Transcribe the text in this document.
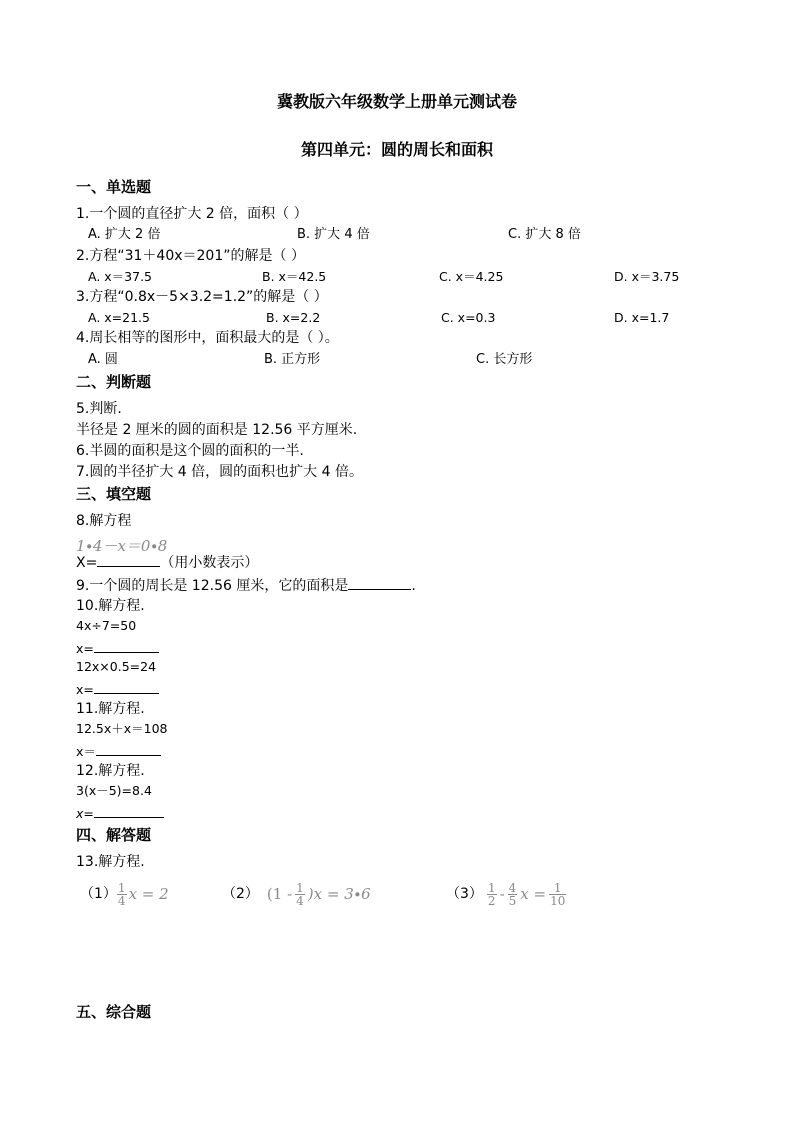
冀教版六年级数学上册单元测试卷
第四单元：圆的周长和面积
一、单选题
1.一个圆的直径扩大 2 倍，面积（ ）
A. 扩大 2 倍	B. 扩大 4 倍	C. 扩大 8 倍
2.方程“31＋40x＝201”的解是（ ）
A. x＝37.5	B. x＝42.5	C. x＝4.25	D. x＝3.75
3.方程“0.8x－5×3.2=1.2”的解是（ ）
A. x=21.5	B. x=2.2	C. x=0.3	D. x=1.7
4.周长相等的图形中，面积最大的是（ ）。
A. 圆	B. 正方形	C. 长方形
二、判断题
5.判断.
半径是 2 厘米的圆的面积是 12.56 平方厘米.
6.半圆的面积是这个圆的面积的一半.
7.圆的半径扩大 4 倍，圆的面积也扩大 4 倍。
三、填空题
8.解方程
1∙4－x＝0∙8
X=	（用小数表示）
9.一个圆的周长是 12.56 厘米，它的面积是	.
10.解方程.
4x÷7=50
x=
12x×0.5=24
x=
11.解方程.
12.5x＋x＝108
x＝
12.解方程.
3(x－5)=8.4
x=
四、解答题
13.解方程.
$(1) \frac{1}{4}$ x = 2	（2） $(1 - \frac{1}{4} )x = 3\cdot 6$	$(3) \frac{1}{2} - \frac{4}{5}$ $x = \frac{1}{10}$
五、综合题
